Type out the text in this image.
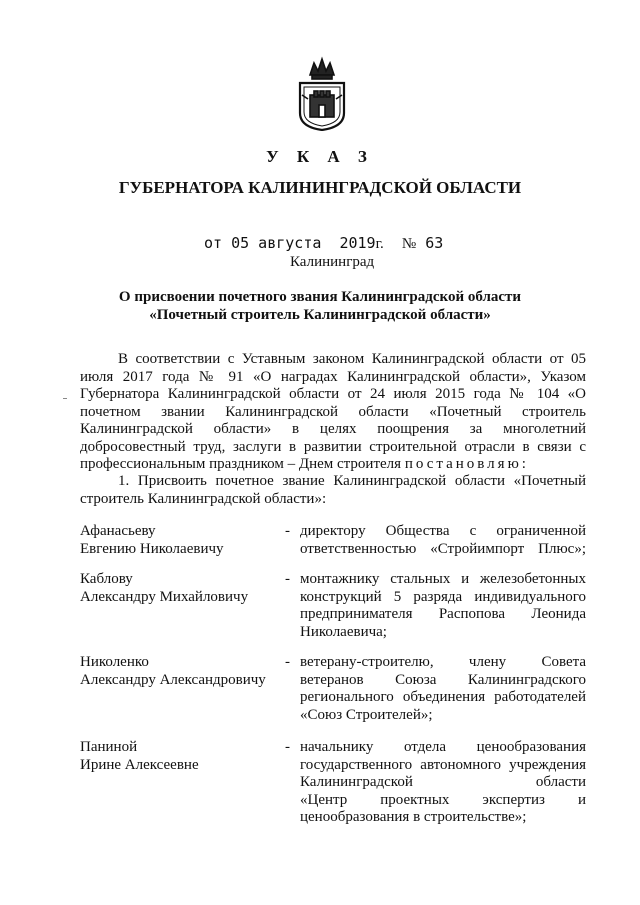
У К А З
ГУБЕРНАТОРА КАЛИНИНГРАДСКОЙ ОБЛАСТИ
от 05 августа 2019г. № 63
Калининград
О присвоении почетного звания Калининградской области
«Почетный строитель Калининградской области»
В соответствии с Уставным законом Калининградской области от 05 июля 2017 года № 91 «О наградах Калининградской области», Указом Губернатора Калининградской области от 24 июля 2015 года № 104 «О почетном звании Калининградской области «Почетный строитель Калининградской области» в целях поощрения за многолетний добросовестный труд, заслуги в развитии строительной отрасли в связи с профессиональным праздником – Днем строителя постановляю:
1. Присвоить почетное звание Калининградской области «Почетный строитель Калининградской области»:
Афанасьеву
Евгению Николаевичу
- директору Общества с ограниченной
ответственностью «Стройимпорт Плюс»;
Каблову
Александру Михайловичу
- монтажнику стальных и железобетонных
конструкций 5 разряда индивидуального
предпринимателя Распопова Леонида
Николаевича;
Николенко
Александру Александровичу
- ветерану-строителю, члену Совета
ветеранов Союза Калининградского
регионального объединения работодателей
«Союз Строителей»;
Паниной
Ирине Алексеевне
- начальнику отдела ценообразования
государственного автономного учреждения
Калининградской области
«Центр проектных экспертиз и
ценообразования в строительстве»;
